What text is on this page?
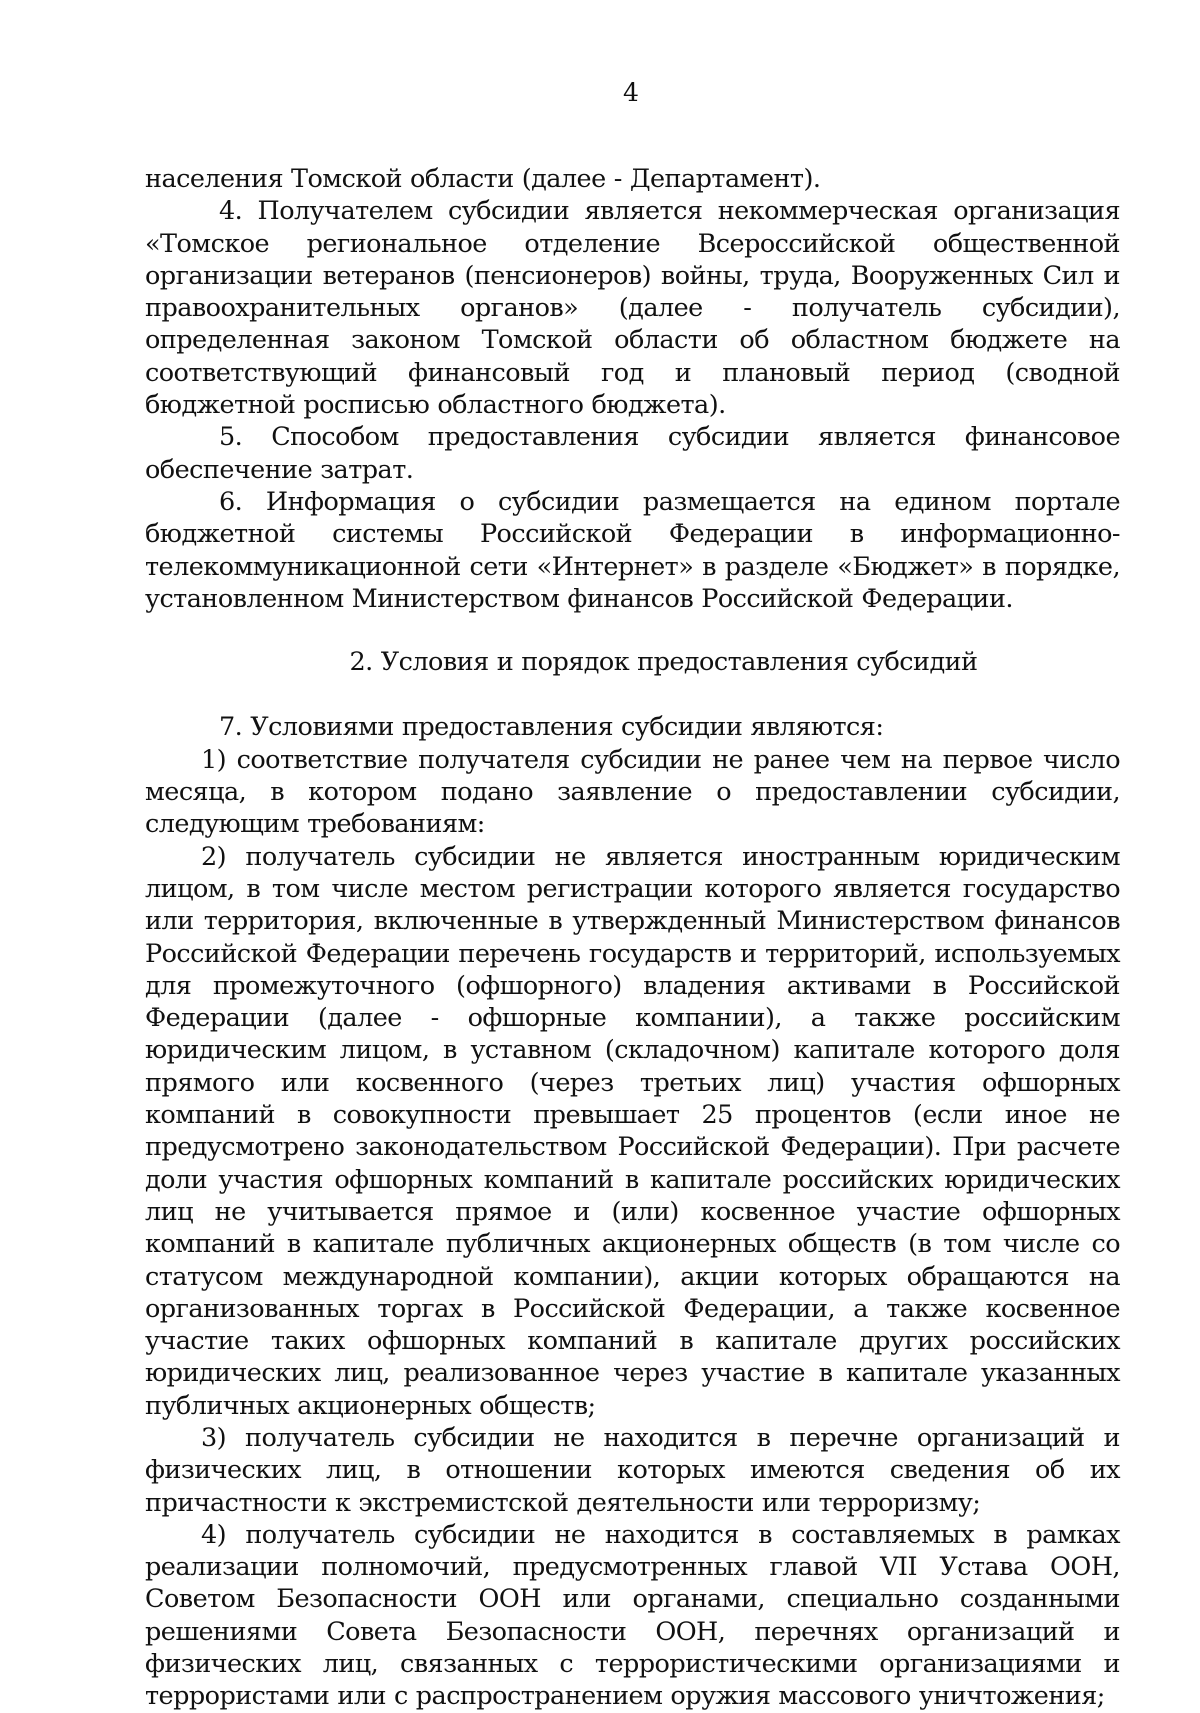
4

населения Томской области (далее - Департамент).

4. Получателем субсидии является некоммерческая организация «Томское региональное отделение Всероссийской общественной организации ветеранов (пенсионеров) войны, труда, Вооруженных Сил и правоохранительных органов» (далее - получатель субсидии), определенная законом Томской области об областном бюджете на соответствующий финансовый год и плановый период (сводной бюджетной росписью областного бюджета).

5. Способом предоставления субсидии является финансовое обеспечение затрат.

6. Информация о субсидии размещается на едином портале бюджетной системы Российской Федерации в информационно-телекоммуникационной сети «Интернет» в разделе «Бюджет» в порядке, установленном Министерством финансов Российской Федерации.

2. Условия и порядок предоставления субсидий

7. Условиями предоставления субсидии являются:

1) соответствие получателя субсидии не ранее чем на первое число месяца, в котором подано заявление о предоставлении субсидии, следующим требованиям:

2) получатель субсидии не является иностранным юридическим лицом, в том числе местом регистрации которого является государство или территория, включенные в утвержденный Министерством финансов Российской Федерации перечень государств и территорий, используемых для промежуточного (офшорного) владения активами в Российской Федерации (далее - офшорные компании), а также российским юридическим лицом, в уставном (складочном) капитале которого доля прямого или косвенного (через третьих лиц) участия офшорных компаний в совокупности превышает 25 процентов (если иное не предусмотрено законодательством Российской Федерации). При расчете доли участия офшорных компаний в капитале российских юридических лиц не учитывается прямое и (или) косвенное участие офшорных компаний в капитале публичных акционерных обществ (в том числе со статусом международной компании), акции которых обращаются на организованных торгах в Российской Федерации, а также косвенное участие таких офшорных компаний в капитале других российских юридических лиц, реализованное через участие в капитале указанных публичных акционерных обществ;

3) получатель субсидии не находится в перечне организаций и физических лиц, в отношении которых имеются сведения об их причастности к экстремистской деятельности или терроризму;

4) получатель субсидии не находится в составляемых в рамках реализации полномочий, предусмотренных главой VII Устава ООН, Советом Безопасности ООН или органами, специально созданными решениями Совета Безопасности ООН, перечнях организаций и физических лиц, связанных с террористическими организациями и террористами или с распространением оружия массового уничтожения;
